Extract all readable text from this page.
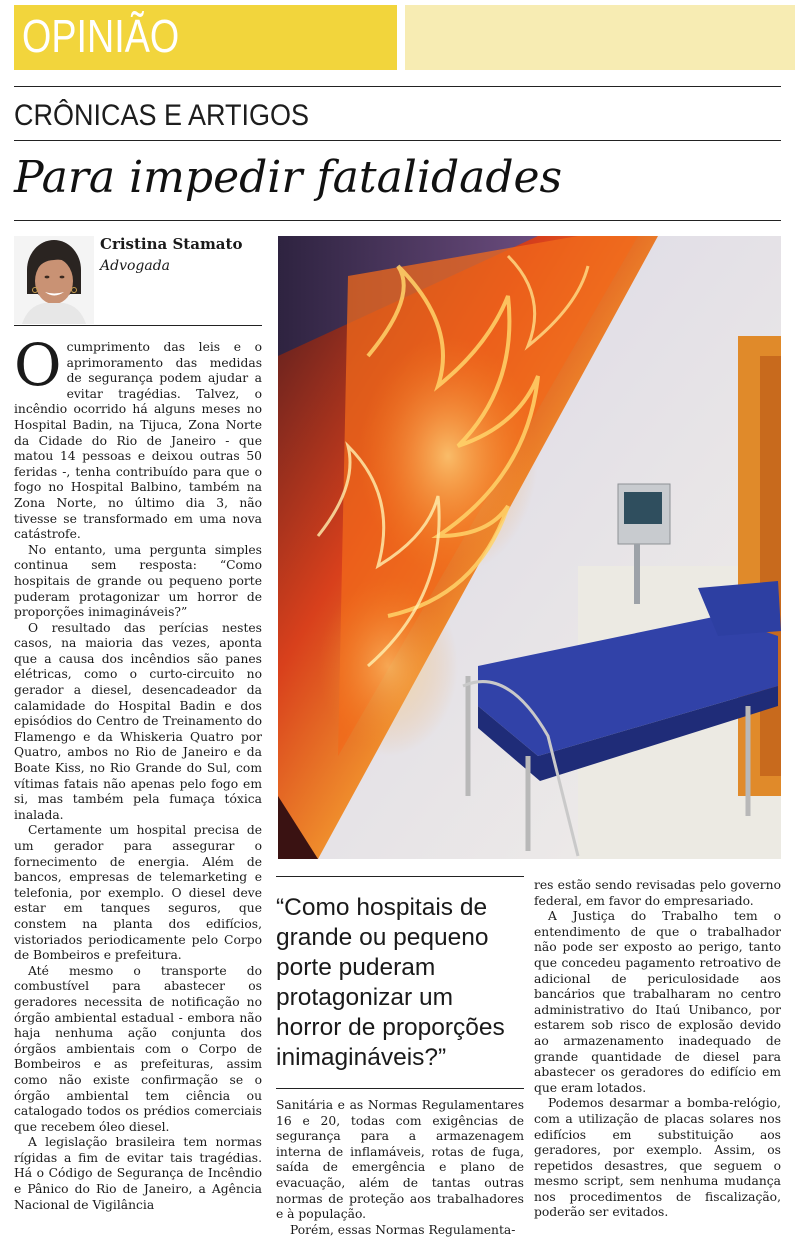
OPINIÃO
CRÔNICAS E ARTIGOS
Para impedir fatalidades
Cristina Stamato
Advogada

Ocumprimento das leis e o aprimoramento das medidas de segurança podem ajudar a evitar tragédias. Talvez, o incêndio ocorrido há alguns meses no Hospital Badin, na Tijuca, Zona Norte da Cidade do Rio de Janeiro - que matou 14 pessoas e deixou outras 50 feridas -, tenha contribuído para que o fogo no Hospital Balbino, também na Zona Norte, no último dia 3, não tivesse se transformado em uma nova catástrofe.

No entanto, uma pergunta simples continua sem resposta: “Como hospitais de grande ou pequeno porte puderam protagonizar um horror de proporções inimagináveis?”

O resultado das perícias nestes casos, na maioria das vezes, aponta que a causa dos incêndios são panes elétricas, como o curto-circuito no gerador a diesel, desencadeador da calamidade do Hospital Badin e dos episódios do Centro de Treinamento do Flamengo e da Whiskeria Quatro por Quatro, ambos no Rio de Janeiro e da Boate Kiss, no Rio Grande do Sul, com vítimas fatais não apenas pelo fogo em si, mas também pela fumaça tóxica inalada.

Certamente um hospital precisa de um gerador para assegurar o fornecimento de energia. Além de bancos, empresas de telemarketing e telefonia, por exemplo. O diesel deve estar em tanques seguros, que constem na planta dos edifícios, vistoriados periodicamente pelo Corpo de Bombeiros e prefeitura.

Até mesmo o transporte do combustível para abastecer os geradores necessita de notificação no órgão ambiental estadual - embora não haja nenhuma ação conjunta dos órgãos ambientais com o Corpo de Bombeiros e as prefeituras, assim como não existe confirmação se o órgão ambiental tem ciência ou catalogado todos os prédios comerciais que recebem óleo diesel.

A legislação brasileira tem normas rígidas a fim de evitar tais tragédias. Há o Código de Segurança de Incêndio e Pânico do Rio de Janeiro, a Agência Nacional de Vigilância

“Como hospitais de grande ou pequeno porte puderam protagonizar um horror de proporções inimagináveis?”

Sanitária e as Normas Regulamentares 16 e 20, todas com exigências de segurança para a armazenagem interna de inflamáveis, rotas de fuga, saída de emergência e plano de evacuação, além de tantas outras normas de proteção aos trabalhadores e à população.

Porém, essas Normas Regulamenta-

res estão sendo revisadas pelo governo federal, em favor do empresariado.

A Justiça do Trabalho tem o entendimento de que o trabalhador não pode ser exposto ao perigo, tanto que concedeu pagamento retroativo de adicional de periculosidade aos bancários que trabalharam no centro administrativo do Itaú Unibanco, por estarem sob risco de explosão devido ao armazenamento inadequado de grande quantidade de diesel para abastecer os geradores do edifício em que eram lotados.

Podemos desarmar a bomba-relógio, com a utilização de placas solares nos edifícios em substituição aos geradores, por exemplo. Assim, os repetidos desastres, que seguem o mesmo script, sem nenhuma mudança nos procedimentos de fiscalização, poderão ser evitados.
